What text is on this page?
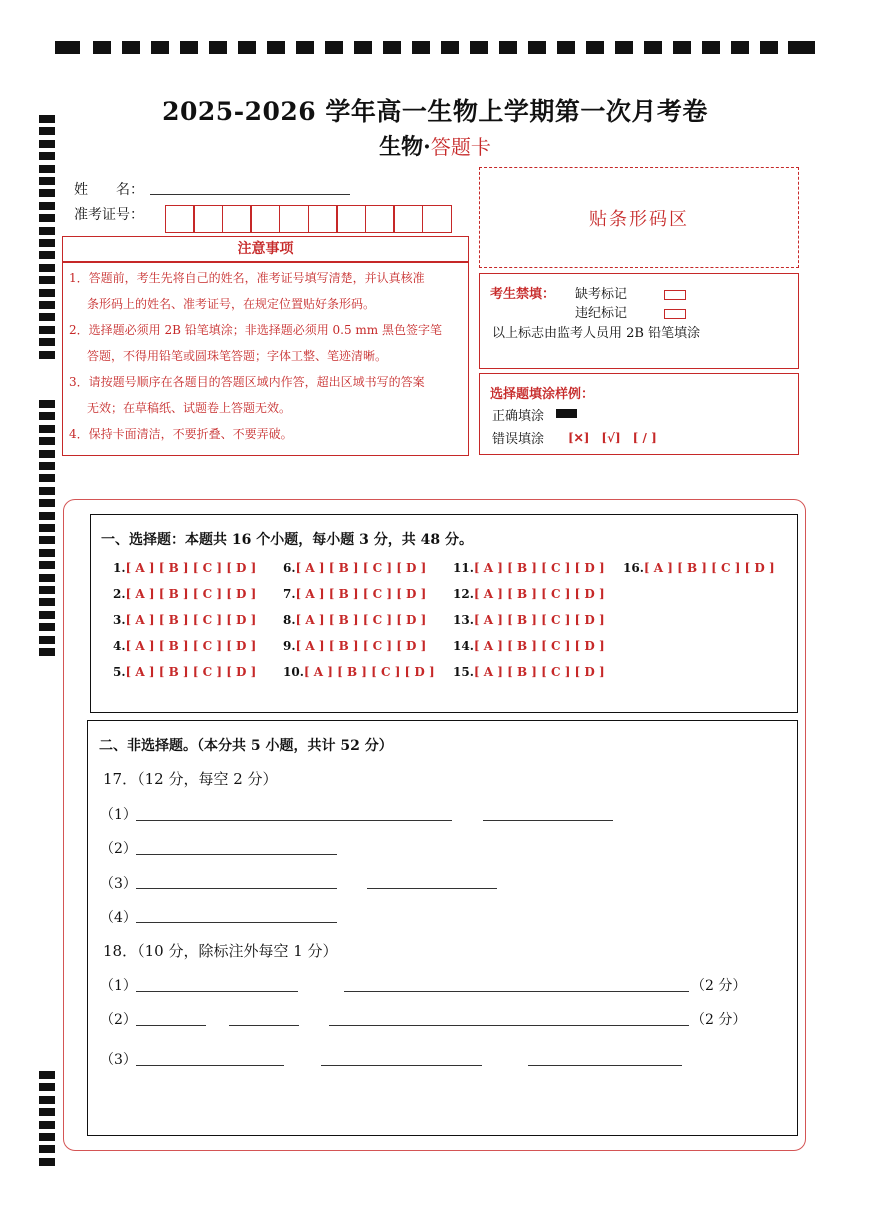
2025-2026 学年高一生物上学期第一次月考卷
生物·答题卡
姓　　名：
准考证号：
注意事项
1．答题前，考生先将自己的姓名，准考证号填写清楚，并认真核准
条形码上的姓名、准考证号，在规定位置贴好条形码。
2．选择题必须用 2B 铅笔填涂；非选择题必须用 0.5 mm 黑色签字笔
答题，不得用铅笔或圆珠笔答题；字体工整、笔迹清晰。
3．请按题号顺序在各题目的答题区域内作答，超出区域书写的答案
无效；在草稿纸、试题卷上答题无效。
4．保持卡面清洁，不要折叠、不要弄破。
贴条形码区
考生禁填： 缺考标记
违纪标记
以上标志由监考人员用 2B 铅笔填涂
选择题填涂样例：
正确填涂
错误填涂 [✕]　[√]　[ / ]
一、选择题：本题共 16 个小题，每小题 3 分，共 48 分。
1.[ A ] [ B ] [ C ] [ D ]
2.[ A ] [ B ] [ C ] [ D ]
3.[ A ] [ B ] [ C ] [ D ]
4.[ A ] [ B ] [ C ] [ D ]
5.[ A ] [ B ] [ C ] [ D ]
6.[ A ] [ B ] [ C ] [ D ]
7.[ A ] [ B ] [ C ] [ D ]
8.[ A ] [ B ] [ C ] [ D ]
9.[ A ] [ B ] [ C ] [ D ]
10.[ A ] [ B ] [ C ] [ D ]
11.[ A ] [ B ] [ C ] [ D ]
12.[ A ] [ B ] [ C ] [ D ]
13.[ A ] [ B ] [ C ] [ D ]
14.[ A ] [ B ] [ C ] [ D ]
15.[ A ] [ B ] [ C ] [ D ]
16.[ A ] [ B ] [ C ] [ D ]
二、非选择题。（本分共 5 小题，共计 52 分）
17．（12 分，每空 2 分）
（1）
（2）
（3）
（4）
18．（10 分，除标注外每空 1 分）
（1）	（2 分）
（2）	（2 分）
（3）
